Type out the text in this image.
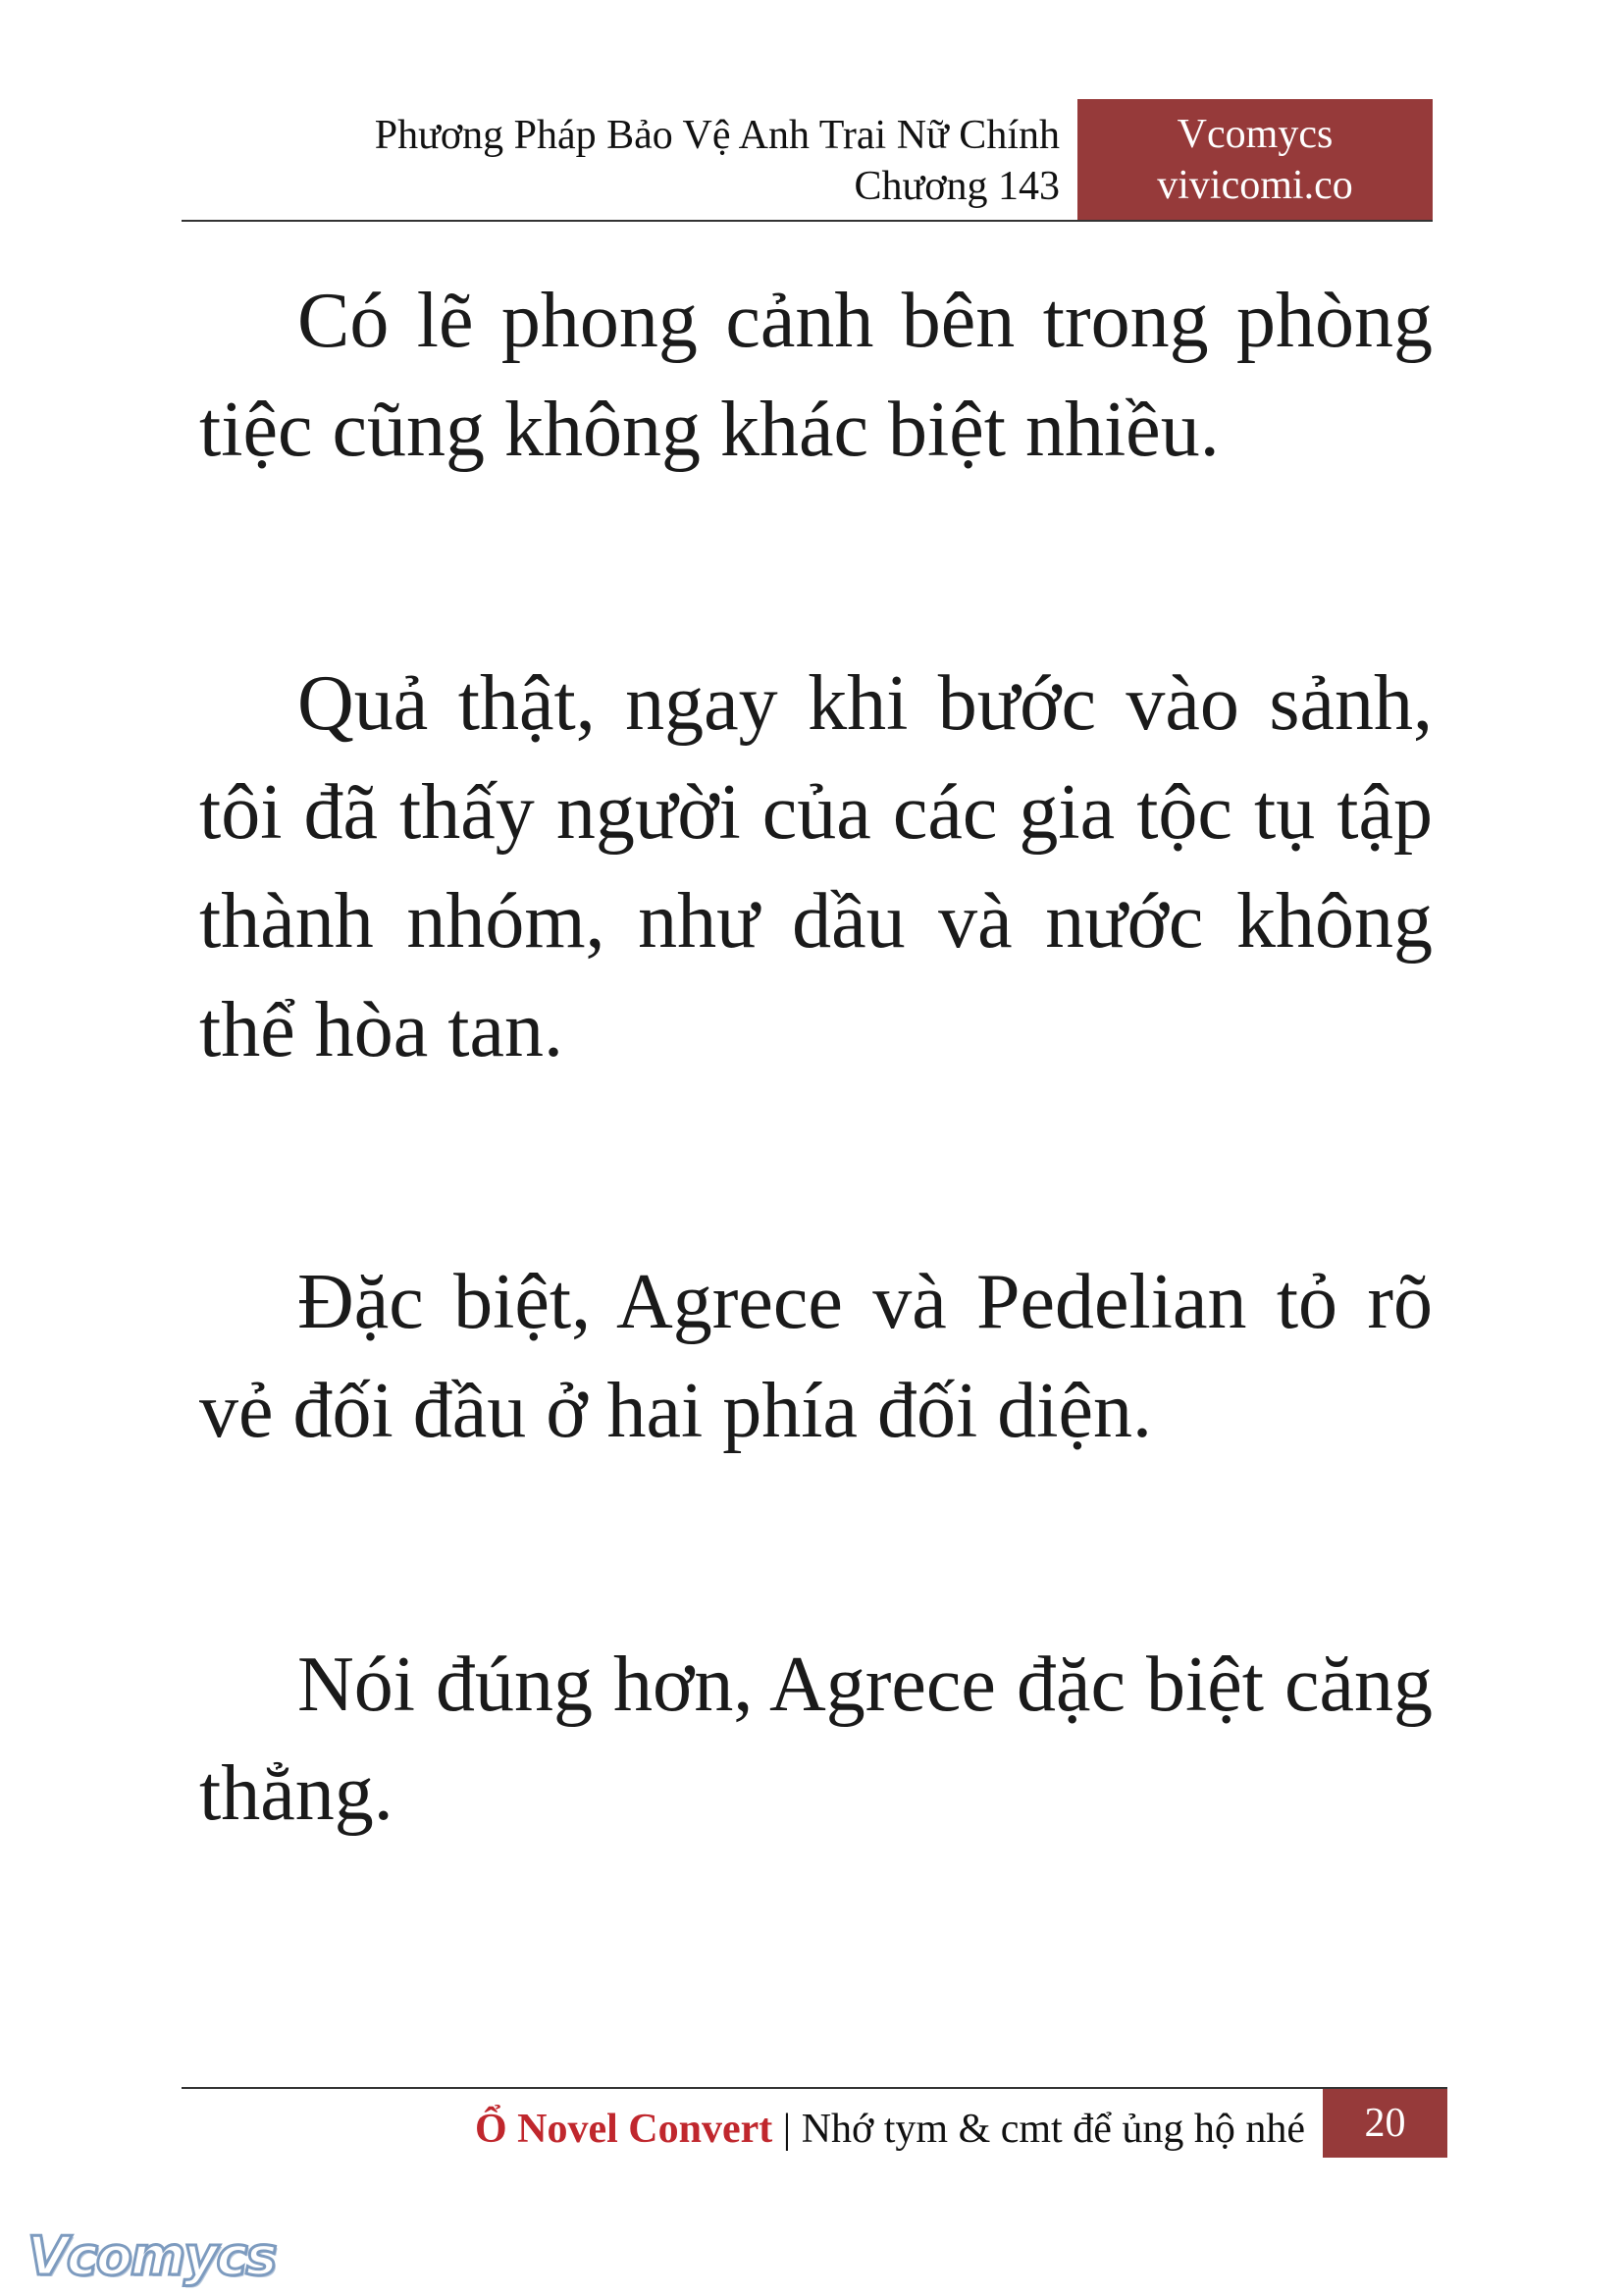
Phương Pháp Bảo Vệ Anh Trai Nữ Chính
Chương 143
Vcomycs
vivicomi.co

Có lẽ phong cảnh bên trong phòng tiệc cũng không khác biệt nhiều.

Quả thật, ngay khi bước vào sảnh, tôi đã thấy người của các gia tộc tụ tập thành nhóm, như dầu và nước không thể hòa tan.

Đặc biệt, Agrece và Pedelian tỏ rõ vẻ đối đầu ở hai phía đối diện.

Nói đúng hơn, Agrece đặc biệt căng thẳng.

Ổ Novel Convert | Nhớ tym & cmt để ủng hộ nhé	20
Vcomycs
